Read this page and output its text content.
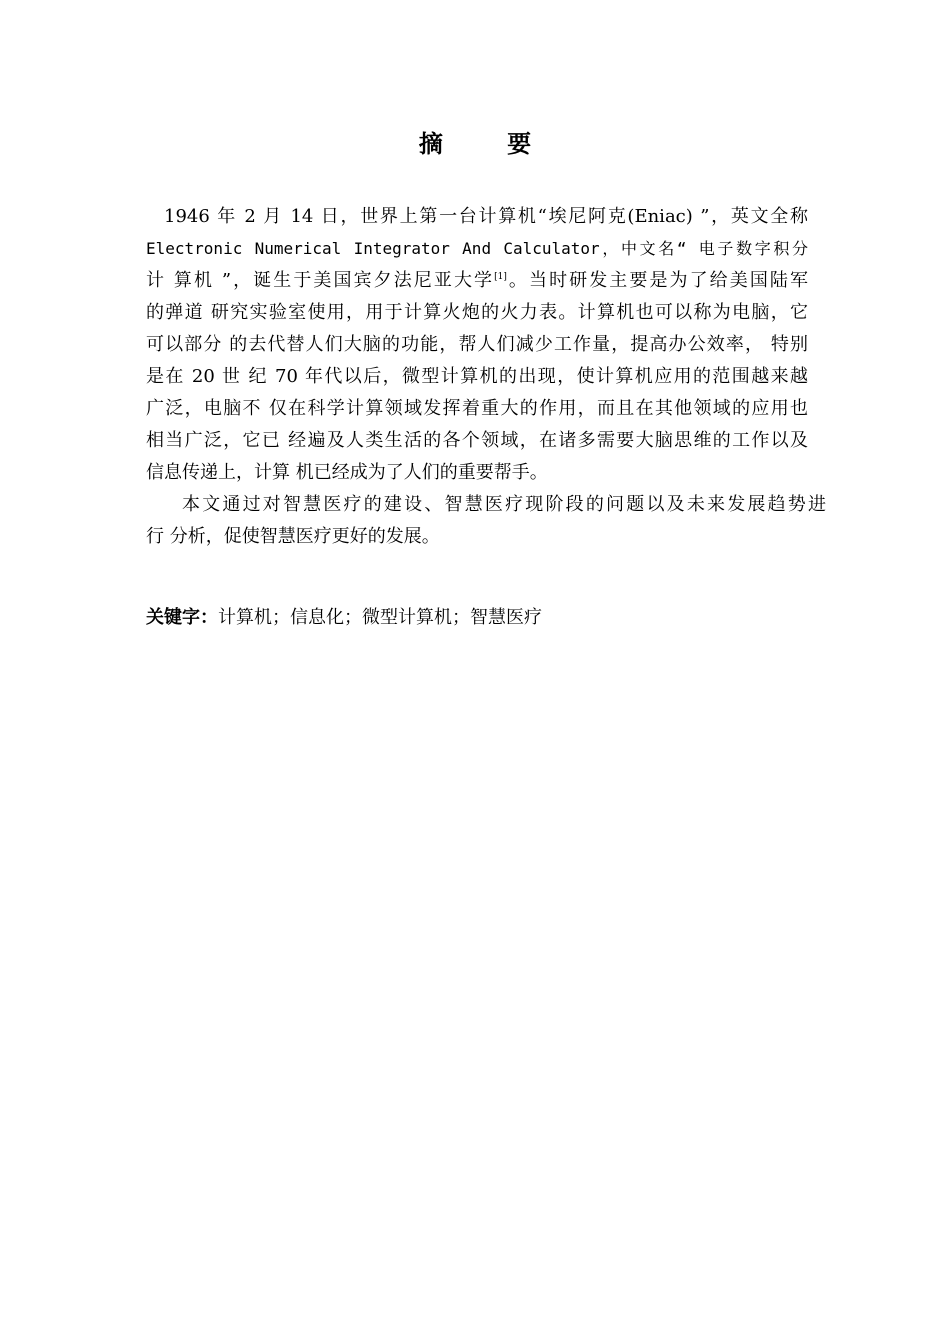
摘 要
1946 年 2 月 14 日，世界上第一台计算机“埃尼阿克(Eniac) ”，英文全称
Electronic Numerical Integrator And Calculator，中文名“ 电子数字积分
计 算机 ”，诞生于美国宾夕法尼亚大学[1]。当时研发主要是为了给美国陆军
的弹道 研究实验室使用，用于计算火炮的火力表。计算机也可以称为电脑，它
可以部分 的去代替人们大脑的功能，帮人们减少工作量，提高办公效率， 特别
是在 20 世 纪 70 年代以后，微型计算机的出现，使计算机应用的范围越来越
广泛，电脑不 仅在科学计算领域发挥着重大的作用，而且在其他领域的应用也
相当广泛，它已 经遍及人类生活的各个领域，在诸多需要大脑思维的工作以及
信息传递上，计算 机已经成为了人们的重要帮手。
本文通过对智慧医疗的建设、智慧医疗现阶段的问题以及未来发展趋势进
行 分析，促使智慧医疗更好的发展。
关键字：计算机；信息化；微型计算机；智慧医疗
